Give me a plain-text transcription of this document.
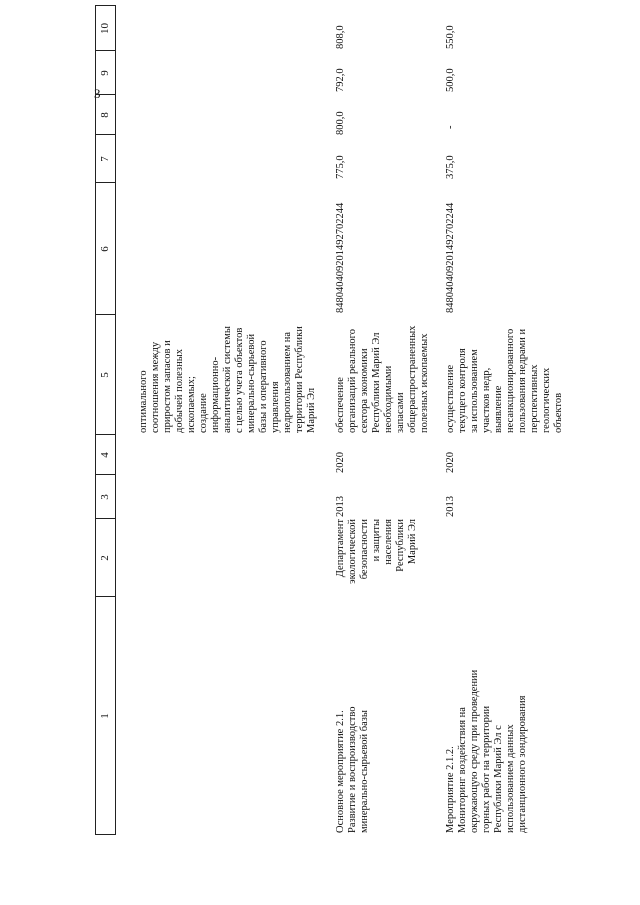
1
2
3
4
5
6
7
8
9
10
оптимального
соотношения между
приростом запасов и
добычей полезных
ископаемых;
создание
информационно-
аналитической системы
с целью учета объектов
минерально-сырьевой
базы и оперативного
управления
недропользованием на
территории Республики
Марий Эл
Основное мероприятие 2.1.
Развитие и воспроизводство
минерально-сырьевой базы
Департамент
экологической
безопасности
и защиты
населения
Республики
Марий Эл
2013
2020
обеспечение
организаций реального
сектора экономики
Республики Марий Эл
необходимыми
запасами
общераспространенных
полезных ископаемых
848040409201492702244
775,0
800,0
792,0
808,0
Мероприятие 2.1.2.
Мониторинг воздействия на
окружающую среду при проведении
горных работ на территории
Республики Марий Эл с
использованием данных
дистанционного зондирования
2013
2020
осуществление
текущего контроля
за использованием
участков недр,
выявление
несанкционированного
пользования недрами и
перспективных
геологических
объектов
848040409201492702244
375,0
-
500,0
550,0
